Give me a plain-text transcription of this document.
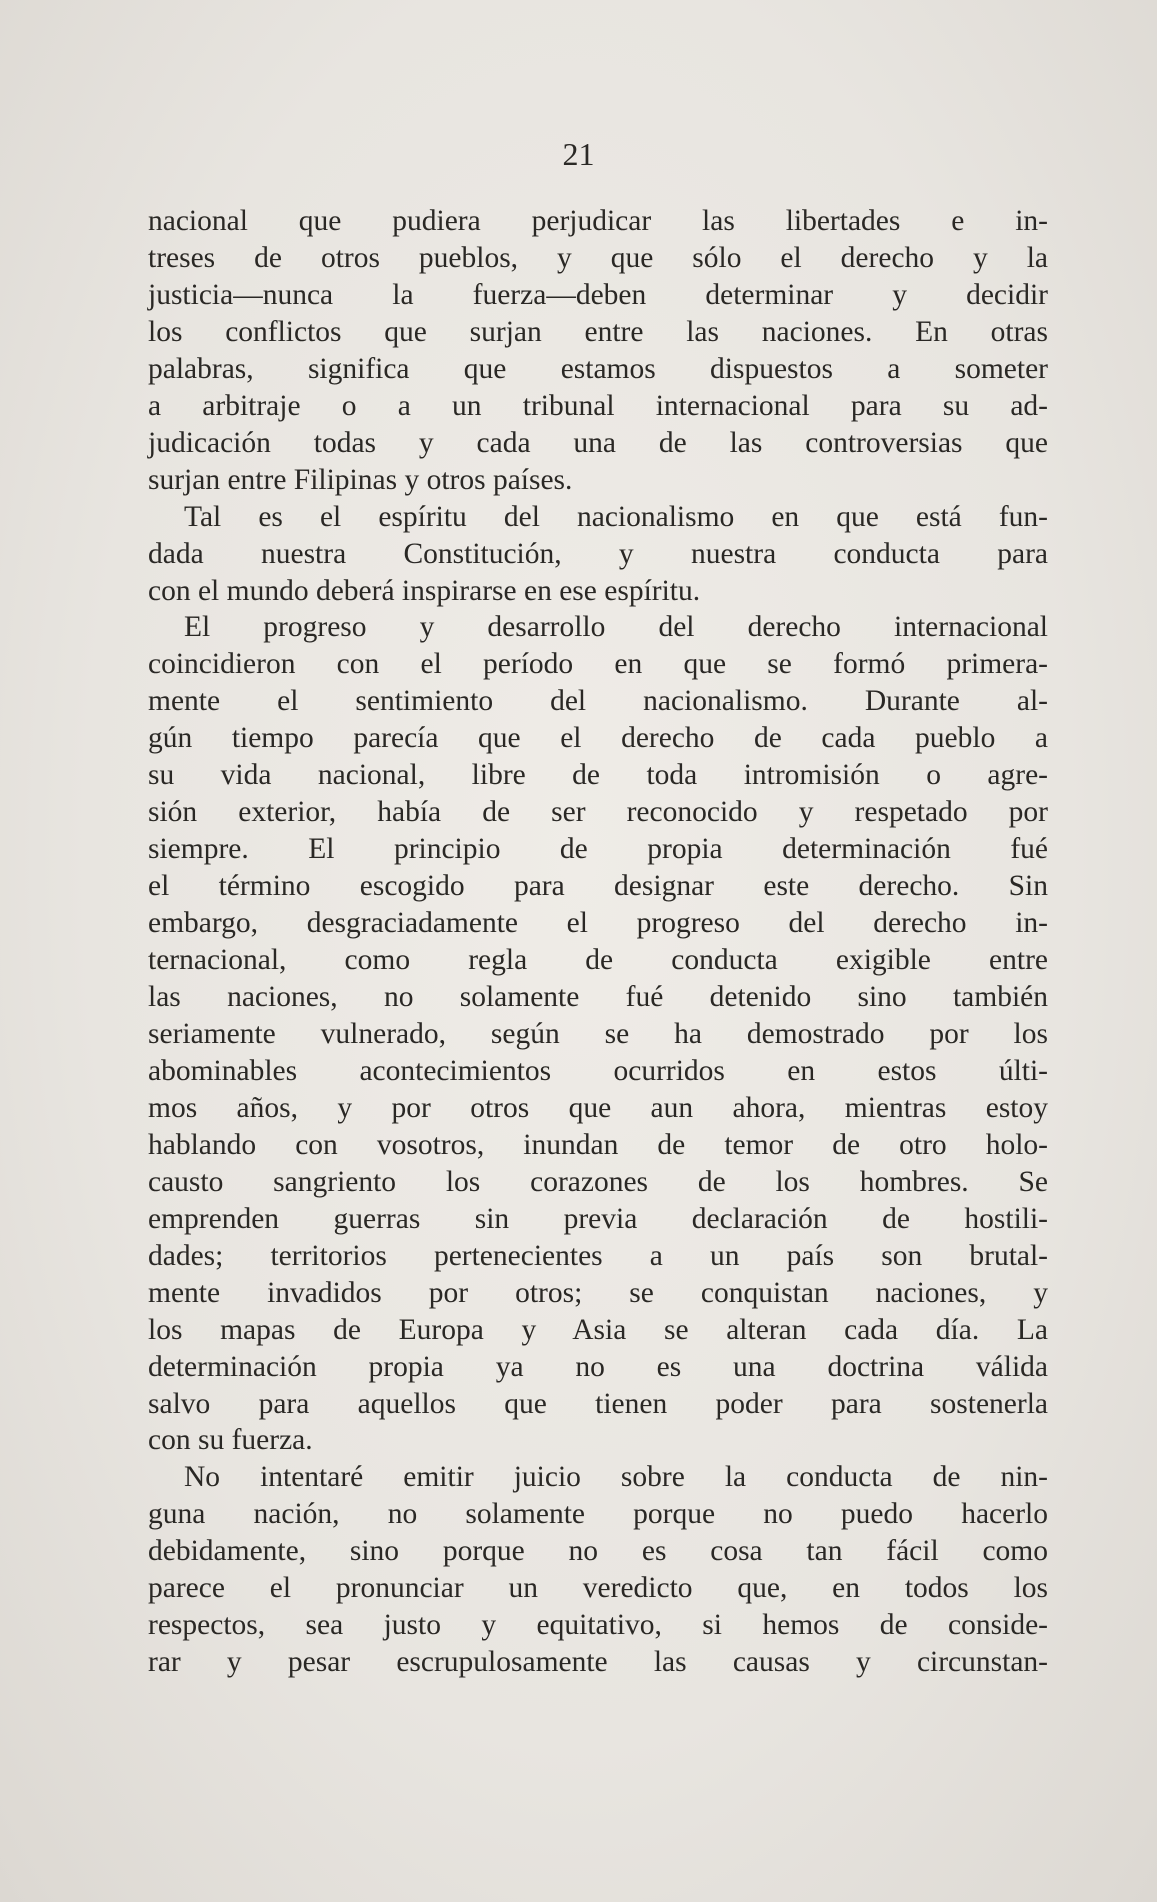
21

nacional que pudiera perjudicar las libertades e in-

treses de otros pueblos, y que sólo el derecho y la

justicia—nunca la fuerza—deben determinar y decidir

los conflictos que surjan entre las naciones. En otras

palabras, significa que estamos dispuestos a someter

a arbitraje o a un tribunal internacional para su ad-

judicación todas y cada una de las controversias que

surjan entre Filipinas y otros países.

Tal es el espíritu del nacionalismo en que está fun-

dada nuestra Constitución, y nuestra conducta para

con el mundo deberá inspirarse en ese espíritu.

El progreso y desarrollo del derecho internacional

coincidieron con el período en que se formó primera-

mente el sentimiento del nacionalismo. Durante al-

gún tiempo parecía que el derecho de cada pueblo a

su vida nacional, libre de toda intromisión o agre-

sión exterior, había de ser reconocido y respetado por

siempre. El principio de propia determinación fué

el término escogido para designar este derecho. Sin

embargo, desgraciadamente el progreso del derecho in-

ternacional, como regla de conducta exigible entre

las naciones, no solamente fué detenido sino también

seriamente vulnerado, según se ha demostrado por los

abominables acontecimientos ocurridos en estos últi-

mos años, y por otros que aun ahora, mientras estoy

hablando con vosotros, inundan de temor de otro holo-

causto sangriento los corazones de los hombres. Se

emprenden guerras sin previa declaración de hostili-

dades; territorios pertenecientes a un país son brutal-

mente invadidos por otros; se conquistan naciones, y

los mapas de Europa y Asia se alteran cada día. La

determinación propia ya no es una doctrina válida

salvo para aquellos que tienen poder para sostenerla

con su fuerza.

No intentaré emitir juicio sobre la conducta de nin-

guna nación, no solamente porque no puedo hacerlo

debidamente, sino porque no es cosa tan fácil como

parece el pronunciar un veredicto que, en todos los

respectos, sea justo y equitativo, si hemos de conside-

rar y pesar escrupulosamente las causas y circunstan-
